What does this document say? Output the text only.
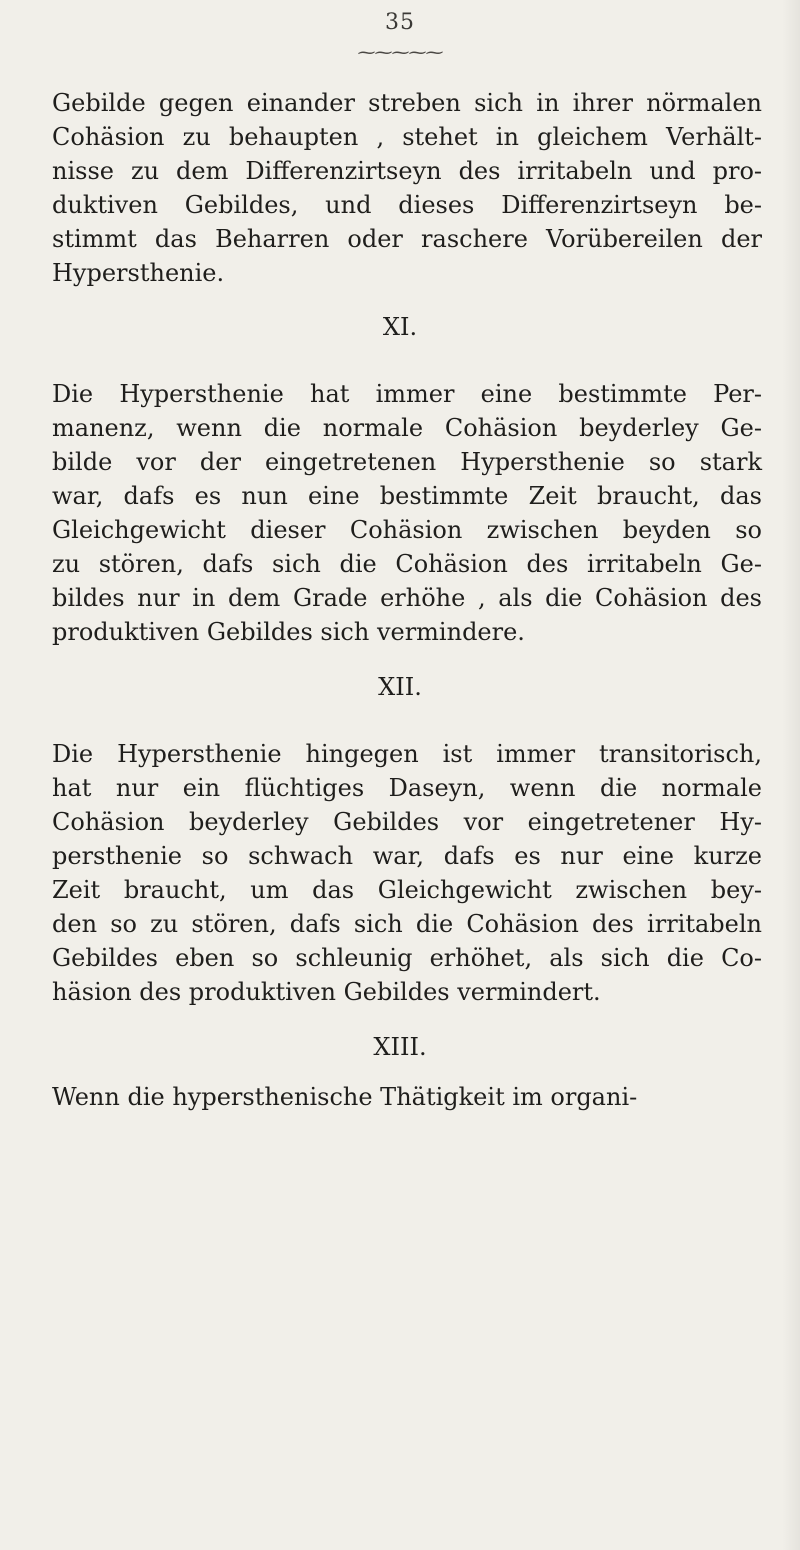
35
⁓⁓⁓⁓⁓
Gebilde gegen einander streben sich in ihrer nörmalen
Cohäsion zu behaupten , stehet in gleichem Verhält-
nisse zu dem Differenzirtseyn des irritabeln und pro-
duktiven Gebildes, und dieses Differenzirtseyn be-
stimmt das Beharren oder raschere Vorübereilen der
Hypersthenie.
XI.
Die Hypersthenie hat immer eine bestimmte Per-
manenz, wenn die normale Cohäsion beyderley Ge-
bilde vor der eingetretenen Hypersthenie so stark
war, dafs es nun eine bestimmte Zeit braucht, das
Gleichgewicht dieser Cohäsion zwischen beyden so
zu stören, dafs sich die Cohäsion des irritabeln Ge-
bildes nur in dem Grade erhöhe , als die Cohäsion des
produktiven Gebildes sich vermindere.
XII.
Die Hypersthenie hingegen ist immer transitorisch,
hat nur ein flüchtiges Daseyn, wenn die normale
Cohäsion beyderley Gebildes vor eingetretener Hy-
persthenie so schwach war, dafs es nur eine kurze
Zeit braucht, um das Gleichgewicht zwischen bey-
den so zu stören, dafs sich die Cohäsion des irritabeln
Gebildes eben so schleunig erhöhet, als sich die Co-
häsion des produktiven Gebildes vermindert.
XIII.
Wenn die hypersthenische Thätigkeit im organi-
